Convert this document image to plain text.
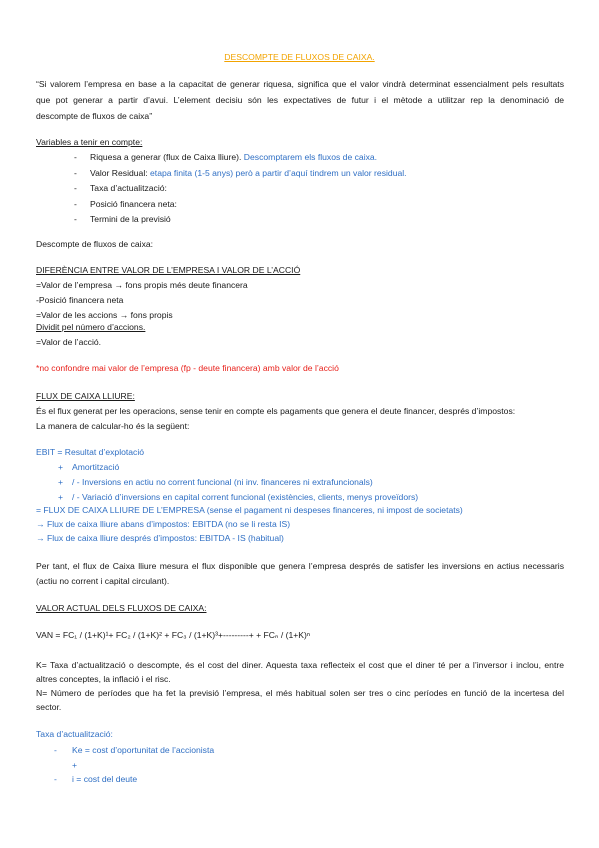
DESCOMPTE DE FLUXOS DE CAIXA.
“Si valorem l’empresa en base a la capacitat de generar riquesa, significa que el valor vindrà determinat essencialment pels resultats
que pot generar a partir d’avui. L’element decisiu són les expectatives de futur i el mètode a utilitzar rep la denominació de
descompte de fluxos de caixa”
Variables a tenir en compte:
- Riquesa a generar (flux de Caixa lliure). Descomptarem els fluxos de caixa.
- Valor Residual: etapa finita (1-5 anys) però a partir d’aquí tindrem un valor residual.
- Taxa d’actualització:
- Posició financera neta:
- Termini de la previsió
Descompte de fluxos de caixa:
DIFERÈNCIA ENTRE VALOR DE L’EMPRESA I VALOR DE L’ACCIÓ
=Valor de l’empresa → fons propis més deute financera
-Posició financera neta
=Valor de les accions → fons propis
Dividit pel número d’accions.
=Valor de l’acció.
*no confondre mai valor de l’empresa (fp - deute financera) amb valor de l’acció
FLUX DE CAIXA LLIURE:
És el flux generat per les operacions, sense tenir en compte els pagaments que genera el deute financer, després d’impostos:
La manera de calcular-ho és la següent:
EBIT = Resultat d’explotació
+ Amortització
+ / - Inversions en actiu no corrent funcional (ni inv. financeres ni extrafuncionals)
+ / - Variació d’inversions en capital corrent funcional (existències, clients, menys proveïdors)
= FLUX DE CAIXA LLIURE DE L’EMPRESA (sense el pagament ni despeses financeres, ni impost de societats)
→ Flux de caixa lliure abans d’impostos: EBITDA (no se li resta IS)
→ Flux de caixa lliure després d’impostos: EBITDA - IS (habitual)
Per tant, el flux de Caixa lliure mesura el flux disponible que genera l’empresa després de satisfer les inversions en actius necessaris
(actiu no corrent i capital circulant).
VALOR ACTUAL DELS FLUXOS DE CAIXA:
VAN = FC₁ / (1+K)¹+ FC₂ / (1+K)² + FC₃ / (1+K)³+---------+ + FCₙ / (1+K)ⁿ
K= Taxa d’actualització o descompte, és el cost del diner. Aquesta taxa reflecteix el cost que el diner té per a l’inversor i inclou, entre
altres conceptes, la inflació i el risc.
N= Número de períodes que ha fet la previsió l’empresa, el més habitual solen ser tres o cinc períodes en funció de la incertesa del
sector.
Taxa d’actualització:
- Ke = cost d’oportunitat de l’accionista
+
- i = cost del deute
